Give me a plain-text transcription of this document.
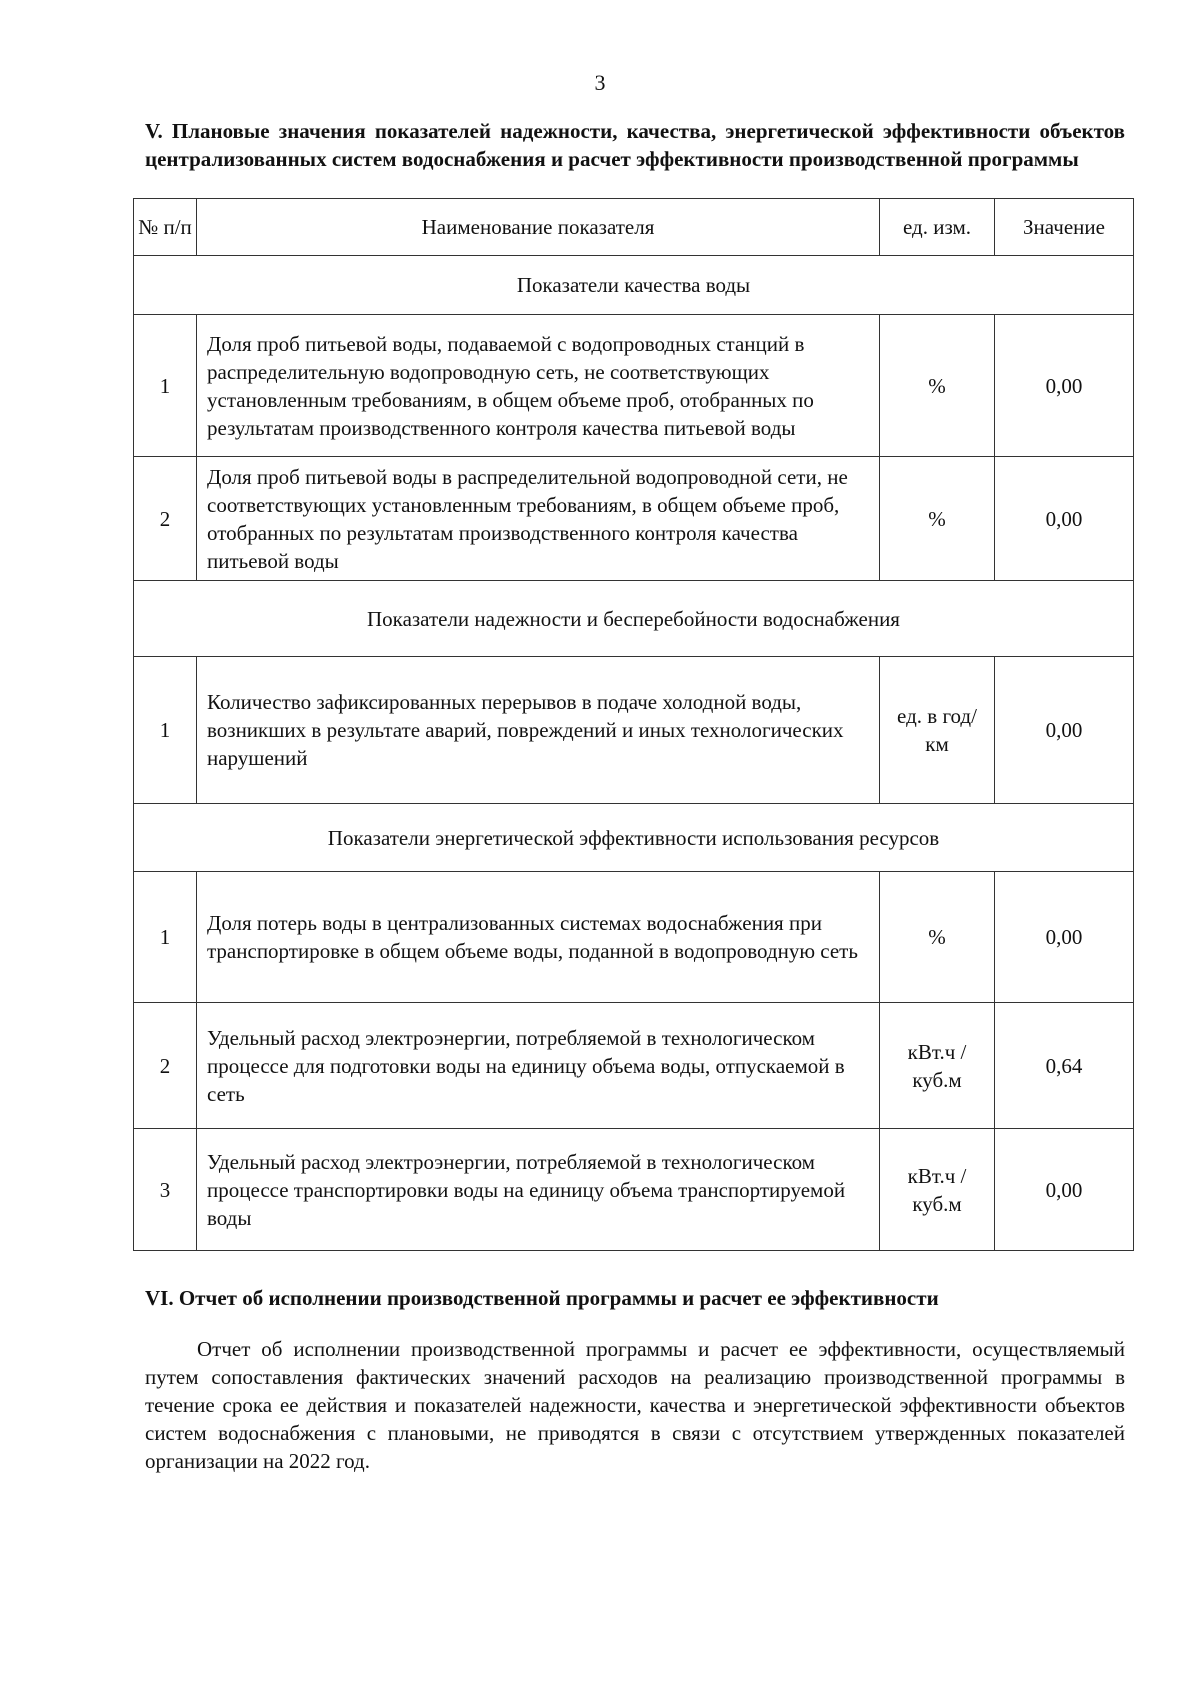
3
V. Плановые значения показателей надежности, качества, энергетической эффективности объектов централизованных систем водоснабжения и расчет эффективности производственной программы
№ п/п	Наименование показателя	ед. изм.	Значение
Показатели качества воды			
1	Доля проб питьевой воды, подаваемой с водопроводных станций в распределительную водопроводную сеть, не соответствующих установленным требованиям, в общем объеме проб, отобранных по результатам производственного контроля качества питьевой воды	%	0,00
2	Доля проб питьевой воды в распределительной водопроводной сети, не соответствующих установленным требованиям, в общем объеме проб, отобранных по результатам производственного контроля качества питьевой воды	%	0,00
Показатели надежности и бесперебойности водоснабжения			
1	Количество зафиксированных перерывов в подаче холодной воды, возникших в результате аварий, повреждений и иных технологических нарушений	ед. в год/ км	0,00
Показатели энергетической эффективности использования ресурсов			
1	Доля потерь воды в централизованных системах водоснабжения при транспортировке в общем объеме воды, поданной в водопроводную сеть	%	0,00
2	Удельный расход электроэнергии, потребляемой в технологическом процессе для подготовки воды на единицу объема воды, отпускаемой в сеть	кВт.ч / куб.м	0,64
3	Удельный расход электроэнергии, потребляемой в технологическом процессе транспортировки воды на единицу объема транспортируемой воды	кВт.ч / куб.м	0,00
VI. Отчет об исполнении производственной программы и расчет ее эффективности
Отчет об исполнении производственной программы и расчет ее эффективности, осуществляемый путем сопоставления фактических значений расходов на реализацию производственной программы в течение срока ее действия и показателей надежности, качества и энергетической эффективности объектов систем водоснабжения с плановыми, не приводятся в связи с отсутствием утвержденных показателей организации на 2022 год.
